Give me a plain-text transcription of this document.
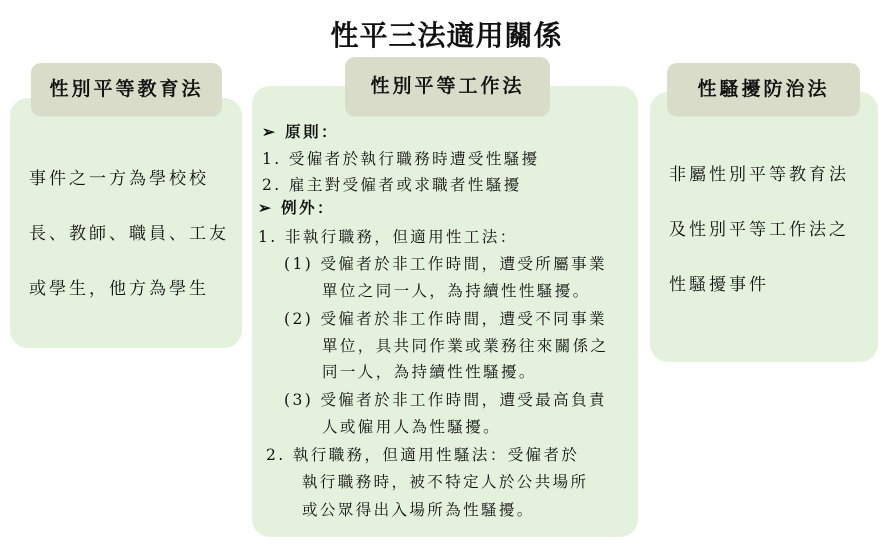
性平三法適用關係
性別平等教育法
事件之一方為學校校
長、教師、職員、工友
或學生，他方為學生
性別平等工作法
➢ 原則：
1. 受僱者於執行職務時遭受性騷擾
2. 雇主對受僱者或求職者性騷擾
➢ 例外：
1. 非執行職務，但適用性工法：
(1) 受僱者於非工作時間，遭受所屬事業
單位之同一人，為持續性性騷擾。
(2) 受僱者於非工作時間，遭受不同事業
單位，具共同作業或業務往來關係之
同一人，為持續性性騷擾。
(3) 受僱者於非工作時間，遭受最高負責
人或僱用人為性騷擾。
2. 執行職務，但適用性騷法：受僱者於
執行職務時，被不特定人於公共場所
或公眾得出入場所為性騷擾。
性騷擾防治法
非屬性別平等教育法
及性別平等工作法之
性騷擾事件
